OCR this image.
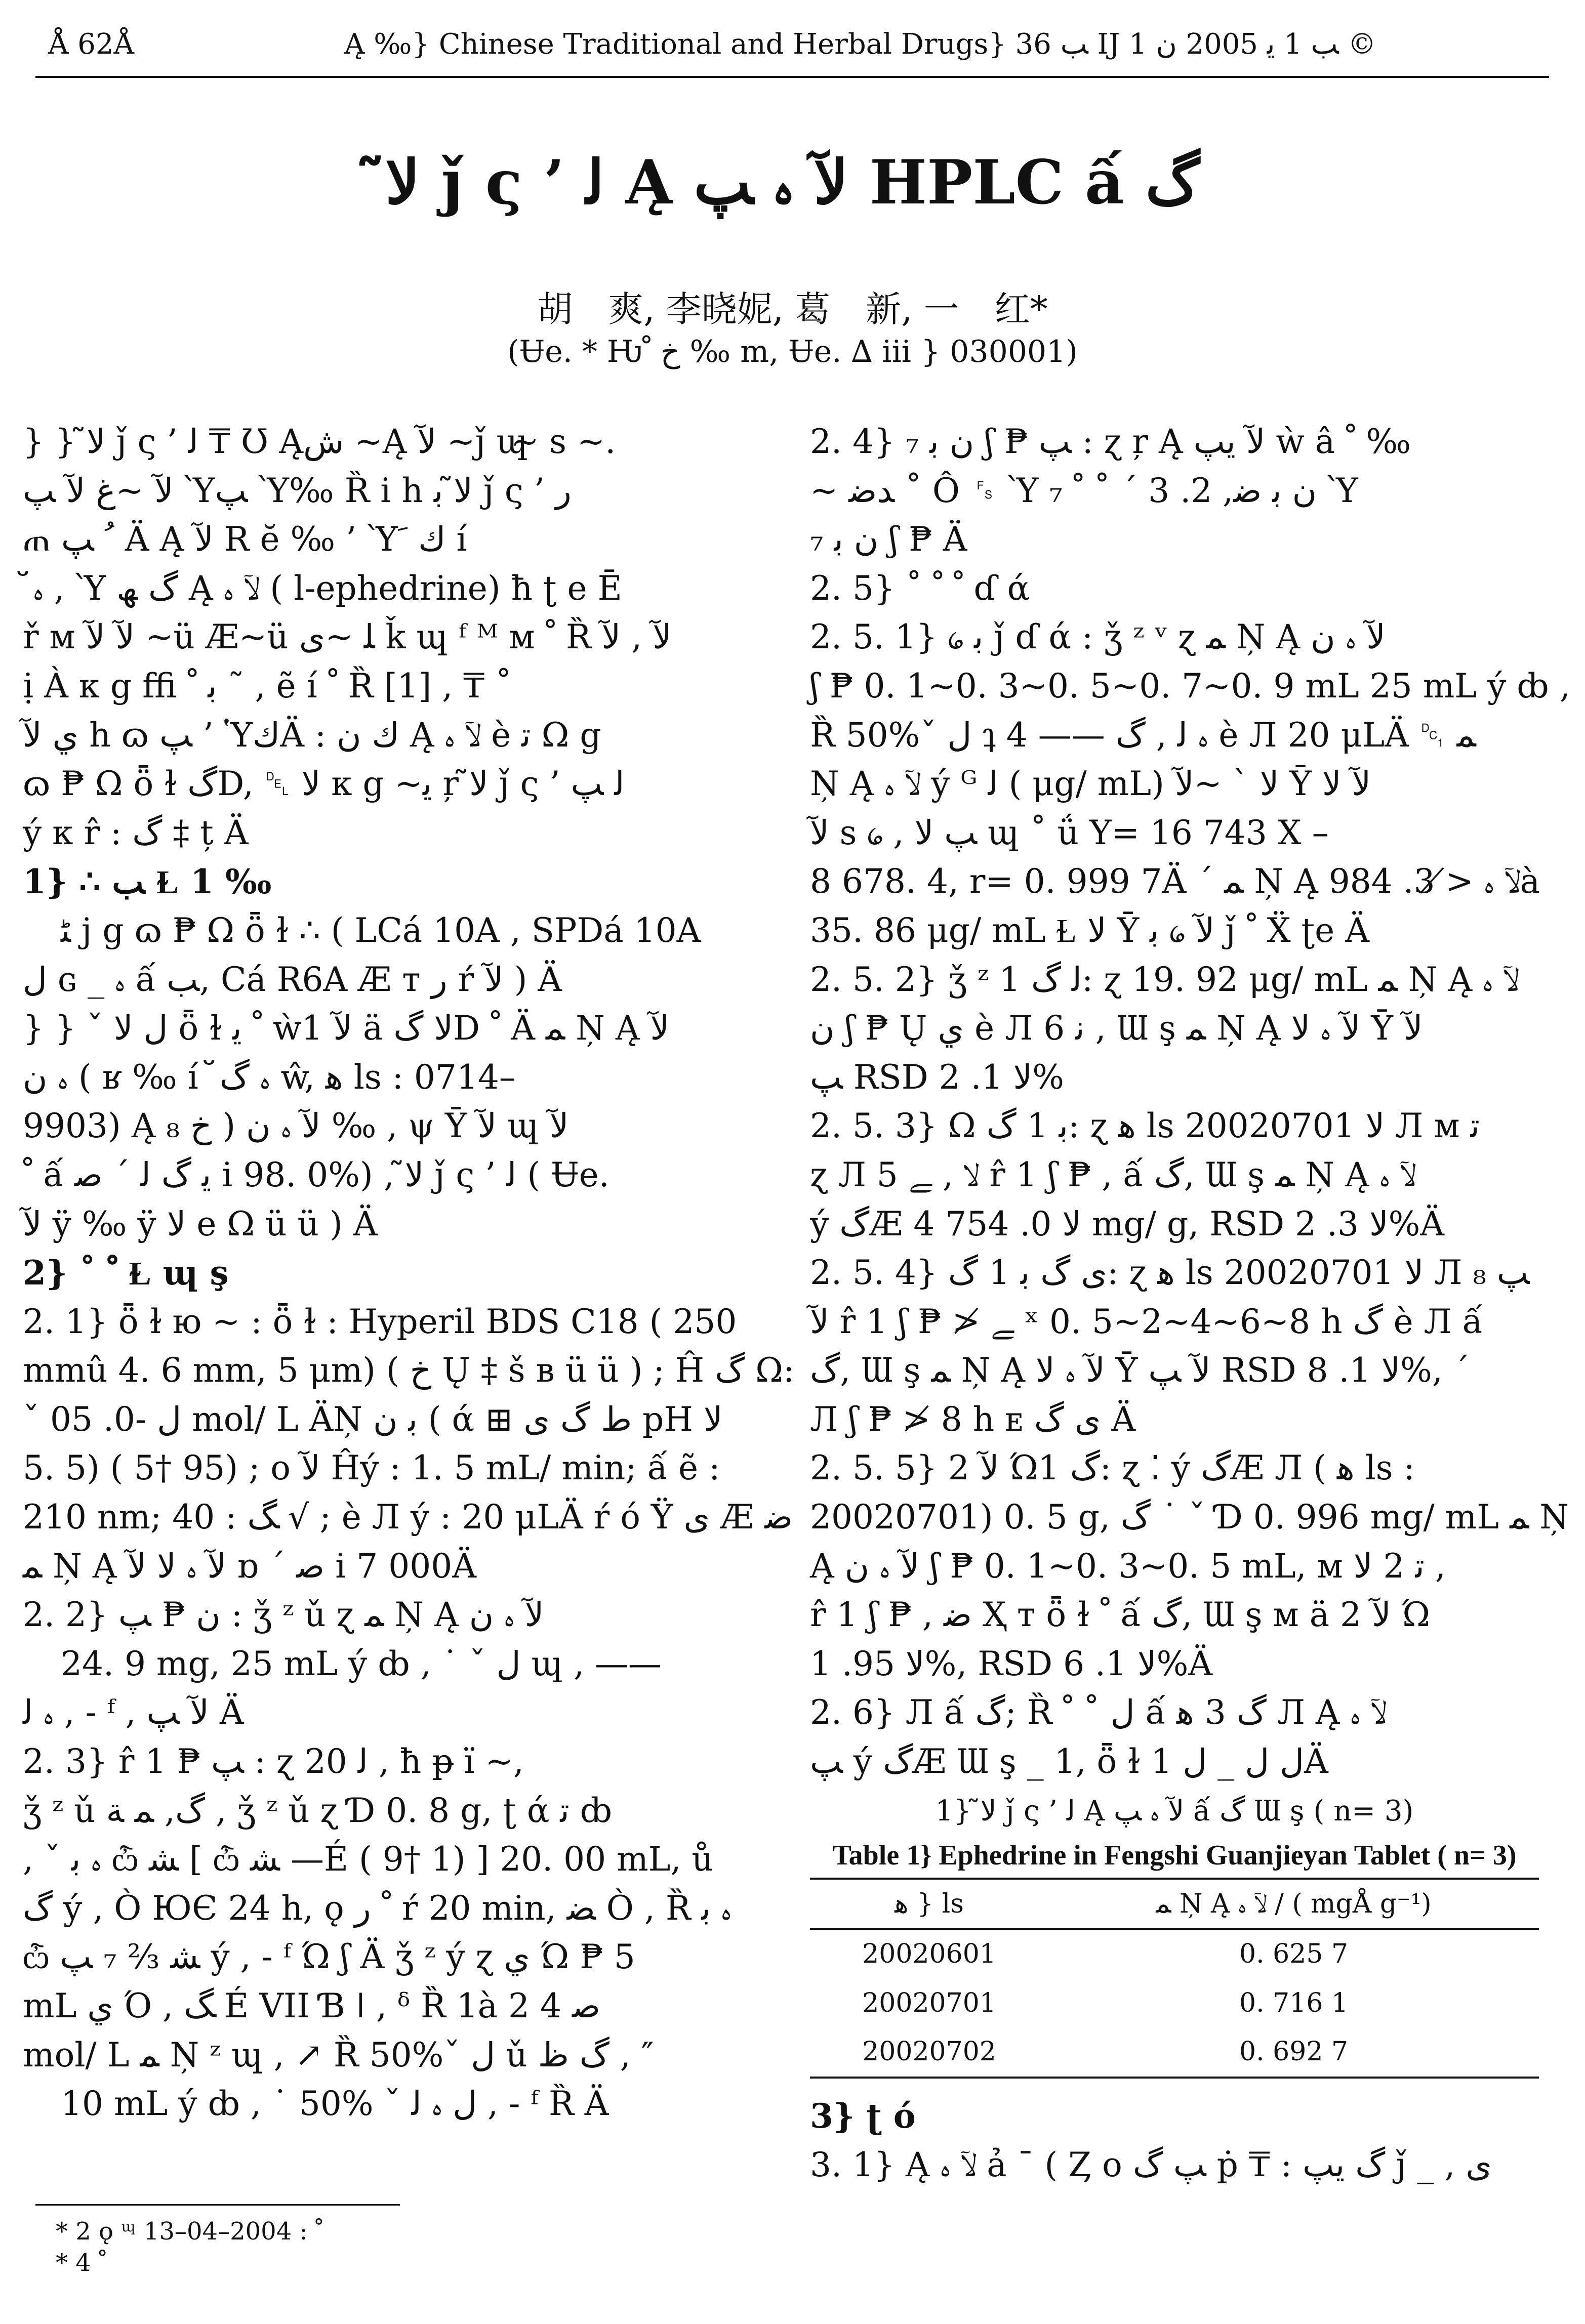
Å 62Å	Ą ‰} Chinese Traditional and Herbal Drugs} ﺐ 36 Ĳ ﺐ 1 ﯾ 2005 ﻥ 1 ©
ﻻ̃ ǰ ς ’ ﻟ Ą ﻵ ﮦ ﭗ HPLC ấ ﮒ
胡　爽, 李晓妮, 葛　新, 一　红*
(Ʉe. * Ƕﺥ ﹾ ‰ m, Ʉe. ∆ iii } 030001)
} } ﻻ̃ ǰ ς ’ ﻟ ₸ Ʊ Ąﺵ ~Ą ﻵ ~ǰ ɰ ̴ s ~.
ﻵ ~ﻍ ﻵ ﭗ Ὺﭗ Ὺ‰ Ȑ i h ﻻ̃ ﺑ ǰ ς ’ ﺭ
ጠ ﹸ ﭗ Ä Ą ﻵ R ĕ ‰ ’ Ὺﻙ ﹶ í
ﬞ ﮦ , Ὺ ﮒ ﮫ Ą ﻵ ﮦ ( l-ephedrine) ħ ʈ e Ē
ř ᴍ ﻵ ﻵ ~ü Æ~ü ﻠ ~ﯼ ǩ ɰ ᶠ ᴹ ᴍ ﹾ Ȑ ﻵ , ﻵ
ị À κ g ﬃ ﺑ ﹾ ˜ , ẽ í ﹾ Ȑ [1] , ₸ ˚
ﻱ ﻵ h ɷ ﭗ ’ ὙﻙÄ : ﻙ ﻥ Ą ﻵ ﮦ è ﺗ Ω g
ɷ ₱ Ω ȫ ɫ ﮒD, ␡ ﻻ κ g ~ﻳ ŗ ﻻ̃ ǰ ς ’ ﻟ ﭗ
ý κ r̂ : ﮒ ‡ ț Ä
1} ∴ ﺐ Ɫ 1 ‰
ﮣ j g ɷ ₱ Ω ȫ ɫ ∴ ( LCá 10A , SPDá 10A
ﻝ ɢ _ ﮦ ấ ﺐ, Cá R6A Æ ᴛ ﺭ ŕ ﻵ ) Ä
} } ˇ ﻝ ﻻ ȫ ɫ ﹾ ﻳ ẁ1 ﻵ ä ﻻ ﮒD ﹾ Ä ﻤ Ņ Ą ﻵ
ﮦ ﻥ ( ʁ ‰ í ﬞ ﮦ ﮒ ŵ, ﻫ ls : 0714–
9903) Ą ﻵ ﮦ ﻥ ( ﺥ ₈ ‰ , ψ Ȳ ﻵ ɰ ﻵ
ﹾ ấ ﻳ ﮒ ﻟ ˊ ﺻ i 98. 0%) , ﻻ̃ ǰ ς ’ ﻟ ( Ʉe.
ﻵ ÿ ‰ ÿ ﻻ e Ω ü ü ) Ä
2} ˚ ﹾ Ɫ ɰ ş
2. 1} ȫ ɫ ю ~ : ȫ ɫ : Hyperil BDS C18 ( 250
mmû 4. 6 mm, 5 μm) ( ﺥ Ų ‡ š ʙ ü ü ) ; Ĥ ﮒ Ω:
ˇ ﻝ -0. 05 mol/ L ÄŅ ﺑ ﻥ ( ά ⊞ ﻁ ﮒ ﻯ pH ﻻ
5. 5) ( 5† 95) ; ο ﻵ Ĥý : 1. 5 mL/ min; ấ ẽ :
210 nm; ﮓ : 40 √ ; è Л ý : 20 μLÄ ŕ ó Ÿ ﻯ Æ ﺿ
ﻤ Ņ Ą ﻵ ﮦ ﻻ ﻵ ɒ ˊ ﺻ i 7 000Ä
2. 2} ﻥ ₱ ﭗ : ǯ ᶻ ǔ ɀ ﻤ Ņ Ą ﻵ ﮦ ﻥ
24. 9 mg, 25 mL ý ȸ , ˙ ˇ ﻝ ɰ , ——
ﮦ ﻟ , - ᶠ , ﻵ ﭗ Ä
2. 3} r̂ 1 ₱ ﭗ : ɀ 20 ﻟ , ħ ᵽ ï ~,
ǯ ᶻ ǔ ﮒ, ﻤ ﺔ , ǯ ᶻ ǔ ɀ Ɗ 0. 8 g, ʈ ά ﺗ ȸ
, ˇ ﮦ ﺑ ѽ ﺸ [ ѽ ﺸ —É ( 9† 1) ] 20. 00 mL, ů
ﮒ ý , Ò ЮЄ 24 h, ǫ ﹾ ﺭ ŕ 20 min, ﻀ Ò , Ȑ ﮦ ﺑ
ѽ ﺸ ⅔ ₇ ﭗ ý , - ᶠ Ώ ʃ Ä ǯ ᶻ ý ɀ ﻱ Ώ ₱ 5
mL ﻱ Ό , ﮓ É VII Ɓ ǀ , ᵟ Ȑ 1à 2 ﺻ 4
mol/ L ﻤ Ņ ᶻ ɰ , ↗ Ȑ 50%ˇ ﻝ ǔ ﮒ ﻅ , ″
10 mL ý ȸ , ˙ 50% ˇ ﻝ ﮦ ﻟ , - ᶠ Ȑ Ä
2. 4} ₇ ﻥ ﺑ ʃ ₱ ﭗ : ɀ ŗ Ą ﻵ ﻳﭗ ẁ â ﹾ ‰
~ ﺪﺿ ˚ Ô ␜ Ὺ ₇ ﻥ ﺑ ﺿ, 2. 3 ˊ ˚ ﹾ Ὺ
₇ ﻥ ﺑ ʃ ₱ Ä
2. 5} ˚ ﹾ ﹾ ɗ ά
2. 5. 1} ᥀ ﺑ ǰ ɗ ά : ǯ ᶻ ᵛ ɀ ﻤ Ņ Ą ﻵ ﮦ ﻥ
ʃ ₱ 0. 1~0. 3~0. 5~0. 7~0. 9 mL 25 mL ý ȸ ,
Ȑ 50%ˇ ﻝ ʇ 4 —— ﮦ ﻟ , ﮒ è Л 20 μLÄ ␑ ﻤ
Ņ Ą ﻵ ﮦ ý ᴳ ﻟ ( μg/ mL) ﻻ ˋ ~ﻵ Ȳ ﻵ ﻻ
ﻵ s ᥀ , ﭗ ﻻ ɰ ˚ ǘ Y= 16 743 X –
8 678. 4, r= 0. 999 7Ä ˊ ﻤ Ņ Ą ﻵ ﮦ ≯ 3. 984à
35. 86 μg/ mL Ɫ ﻻ Ȳ ﻵ ᥀ ﺑ ǰ ﹾ Ẍ ʈe Ä
2. 5. 2} ǯ ᶻ 1 ﻟ ﮒ: ɀ 19. 92 μg/ mL ﻤ Ņ Ą ﻵ ﮦ
ﻥ ʃ ₱ Ų ﻱ è Л 6 ﻧ , Ɯ ş ﻤ Ņ Ą ﻵ ﮦ ﻻ Ȳ ﻵ
ﭗ RSD ﻻ 1. 2%
2. 5. 3} Ω ﺑ 1 ﮒ: ɀ ﻫ ls ﻻ 20020701 Л ᴍ ﺗ
ɀ Л 5 ﻻ , ﮯ r̂ 1 ʃ ₱ , ấ ﮒ, Ɯ ş ﻤ Ņ Ą ﻵ ﮦ
ý ﮒÆ ﻻ 0. 754 4 mg/ g, RSD ﻻ 3. 2%Ä
2. 5. 4} ﻯ ﮒ ﺑ 1 ﮒ: ɀ ﻫ ls ﻻ 20020701 Л ﭗ ₈
ﻵ r̂ 1 ʃ ₱ ≯ ﮯ ˣ 0. 5~2~4~6~8 h ﮒ è Л ấ
ﮒ, Ɯ ş ﻤ Ņ Ą ﻵ ﮦ ﻻ Ȳ ﻵ ﭗ RSD ﻻ 1. 8%, ˊ
Л ʃ ₱ ≯ 8 h ᴇ ﻯ ﮒ Ä
2. 5. 5} ﻵ 2 Ώ1 ﮒ: ɀ ⁚ ý ﮒÆ Л ( ﻫ ls :
20020701) 0. 5 g, ﮒ ˙ ˇ Ɗ 0. 996 mg/ mL ﻤ Ņ
Ą ﻵ ﮦ ﻥ ʃ ₱ 0. 1~0. 3~0. 5 mL, ᴍ ﺗ 2 ﻻ ,
r̂ 1 ʃ ₱ , ﺿ Ҳ ᴛ ȫ ɫ ﹾ ấ ﮒ, Ɯ ş ᴍ ä ﻵ 2 Ώ
ﻻ 95. 1%, RSD ﻻ 1. 6%Ä
2. 6} Л ấ ﮒ; Ȑ ﻝ ˚ ﹾ ấ ﮒ 3 ﻫ Л Ą ﻵ ﮦ
ﭗ ý ﮒÆ Ɯ ş _ 1, ȫ ɫ ﻝ ﻝ _ ﻝ 1Ä
1} ﻻ̃ ǰ ς ’ ﻟ Ą ﻵ ﮦ ﭗ ấ ﮒ Ɯ ş ( n= 3)
Table 1} Ephedrine in Fengshi Guanjieyan Tablet ( n= 3)
ﻫ } ls	ﻤ Ņ Ą ﻵ ﮦ / ( mgÅ g⁻¹)
20020601	0. 625 7
20020701	0. 716 1
20020702	0. 692 7
3} ʈ ó
3. 1} Ą ﻵ ﮦ ả ¯ ( Ȥ o ﭗ ﮒ ṗ ₸ : ﮒ ﻳﭗ ǰ _ , ﻯ
* 2 ǫ ᶭ ﹾ : 2004–04–13
* 4 ﹾ
